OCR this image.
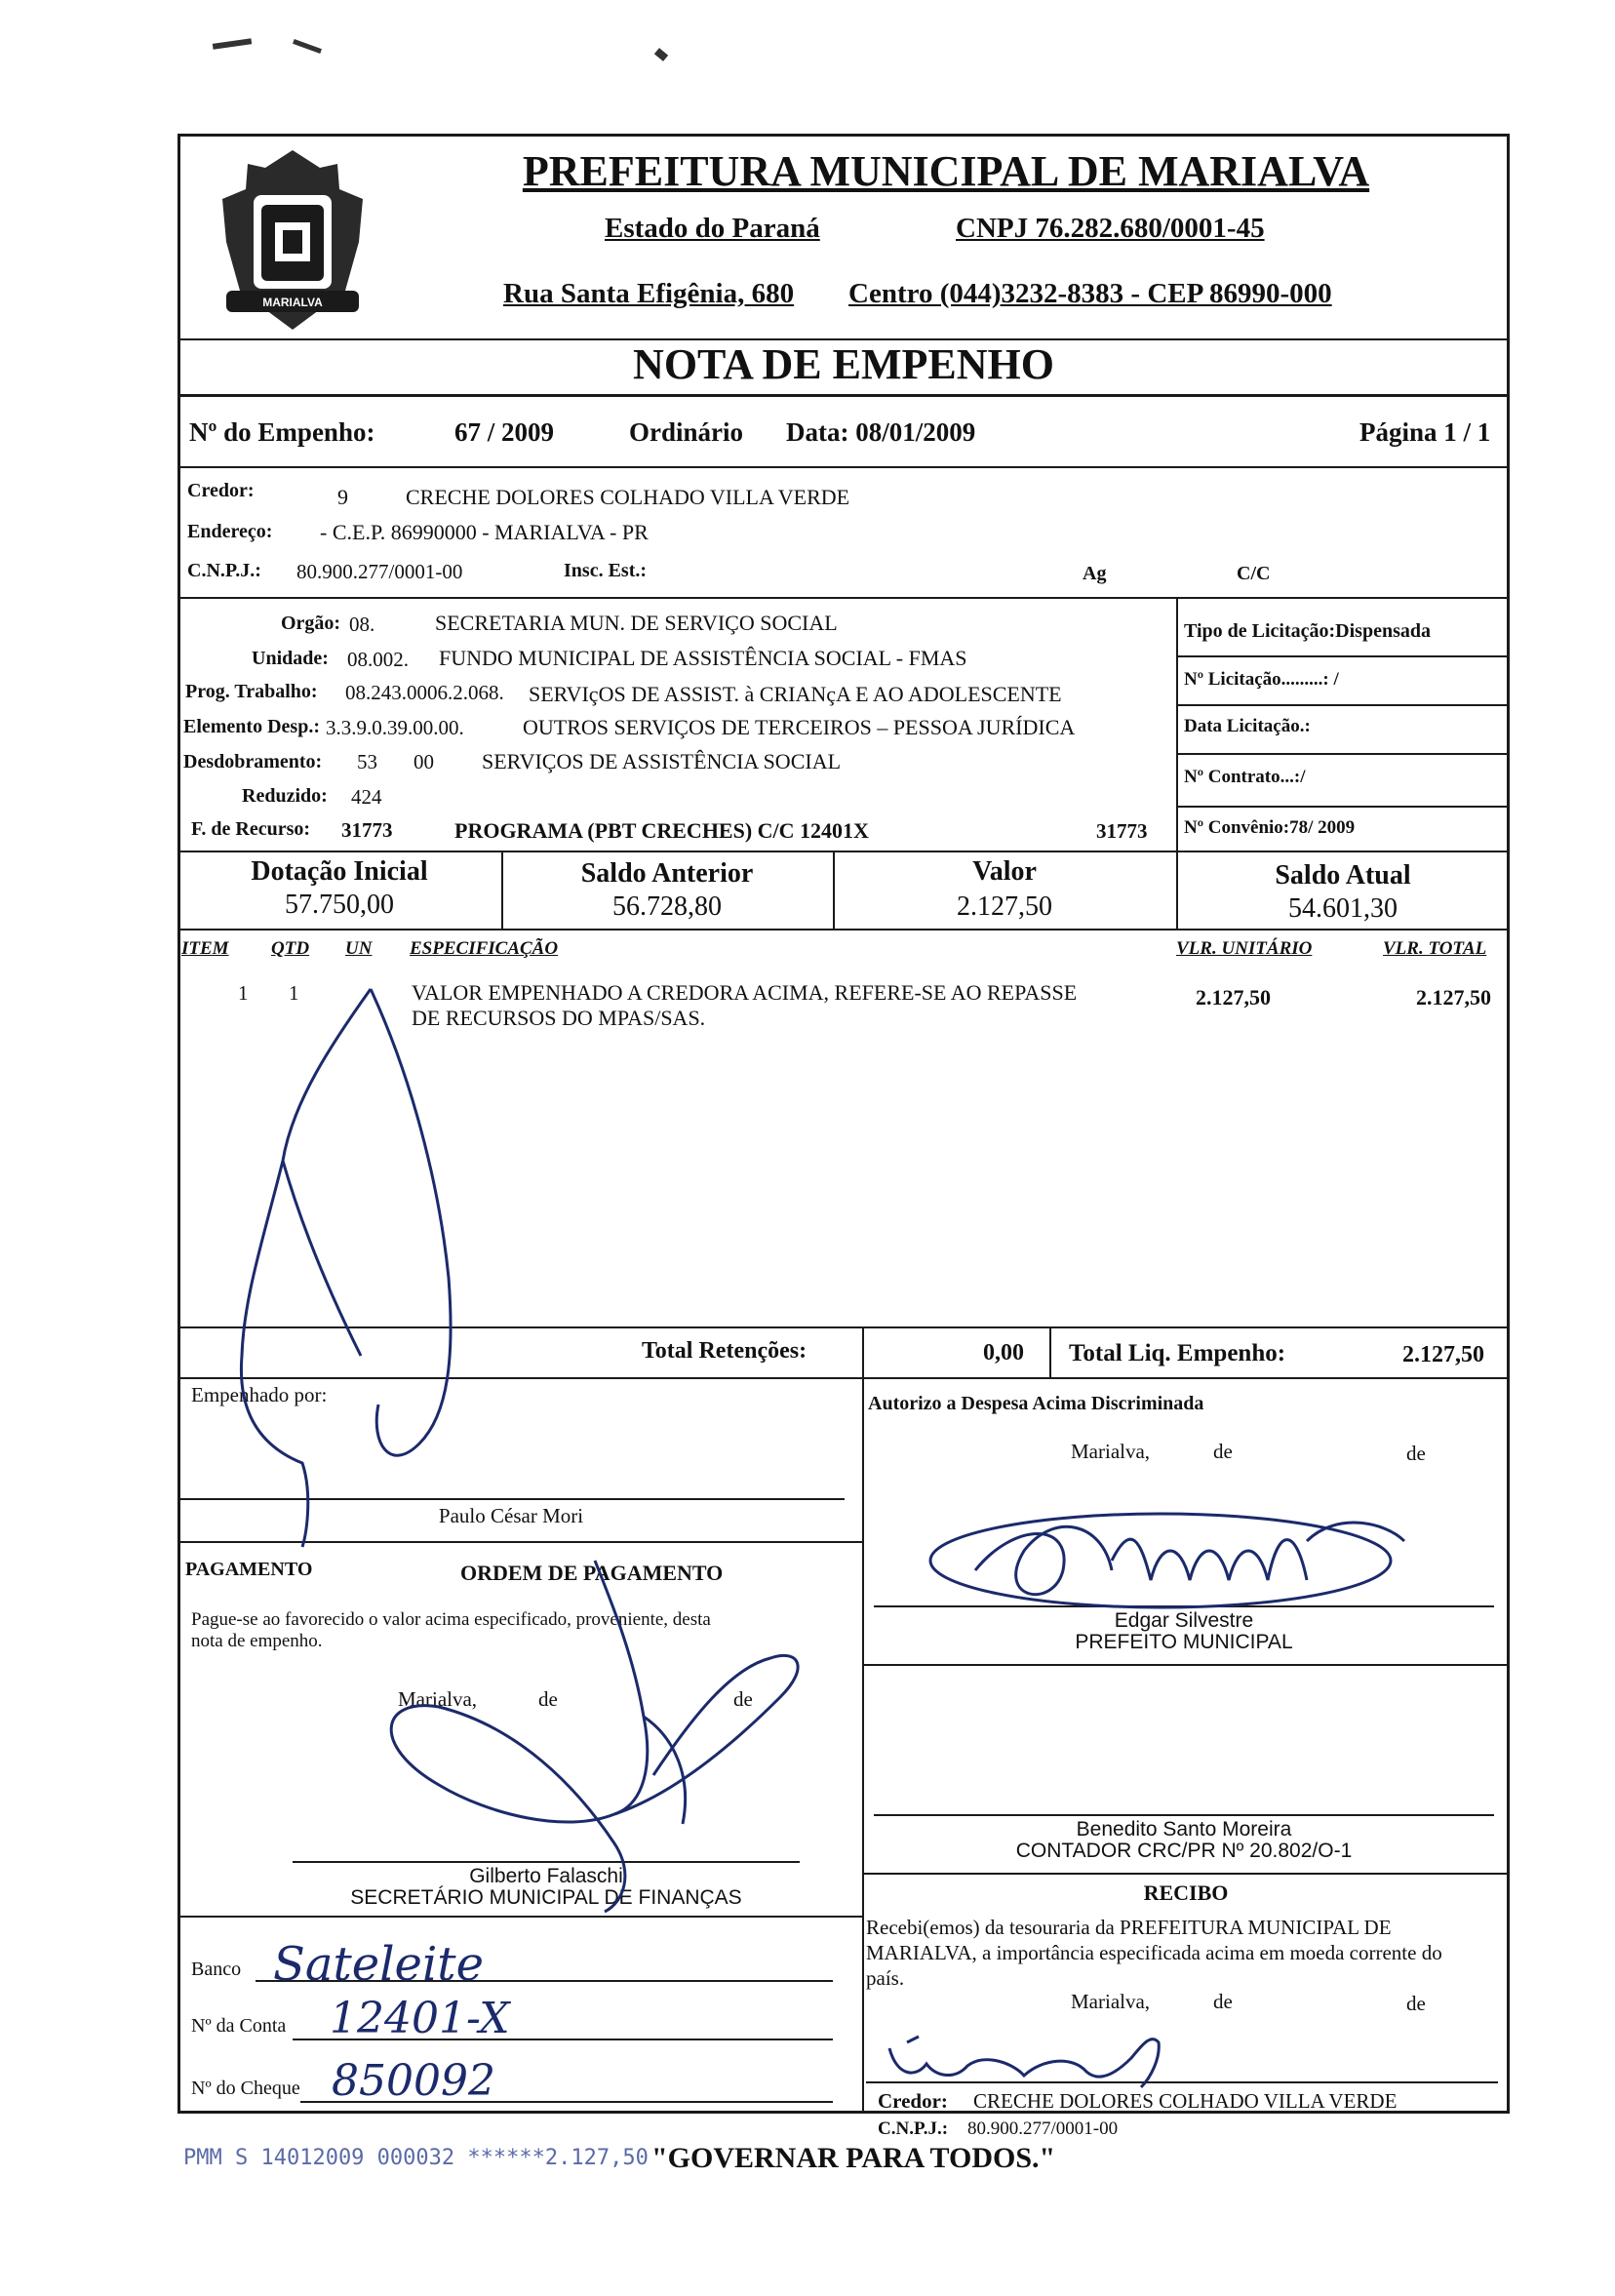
MARIALVA
PREFEITURA MUNICIPAL DE MARIALVA
Estado do Paraná	CNPJ 76.282.680/0001-45
Rua Santa Efigênia, 680 Centro (044)3232-8383 - CEP 86990-000
NOTA DE EMPENHO
Nº do Empenho:	67 / 2009	Ordinário Data: 08/01/2009	Página 1 / 1
Credor:	9	CRECHE DOLORES COLHADO VILLA VERDE
Endereço: - C.E.P. 86990000 - MARIALVA - PR
C.N.P.J.: 80.900.277/0001-00	Insc. Est.:	Ag	C/C
Orgão: 08.	SECRETARIA MUN. DE SERVIÇO SOCIAL
Unidade: 08.002. FUNDO MUNICIPAL DE ASSISTÊNCIA SOCIAL - FMAS
Prog. Trabalho: 08.243.0006.2.068. SERVIçOS DE ASSIST. à CRIANçA E AO ADOLESCENTE
Elemento Desp.: 3.3.9.0.39.00.00.	OUTROS SERVIÇOS DE TERCEIROS – PESSOA JURÍDICA
Desdobramento: 53 00 SERVIÇOS DE ASSISTÊNCIA SOCIAL
Reduzido: 424
F. de Recurso: 31773	PROGRAMA (PBT CRECHES) C/C 12401X	31773
Tipo de Licitação:Dispensada
Nº Licitação.........: /
Data Licitação.:
Nº Contrato...:/
Nº Convênio:78/ 2009
Dotação Inicial
57.750,00
Saldo Anterior
56.728,80
Valor
2.127,50
Saldo Atual
54.601,30
ITEM QTD UN ESPECIFICAÇÃO	VLR. UNITÁRIO	VLR. TOTAL
1 1	VALOR EMPENHADO A CREDORA ACIMA, REFERE-SE AO REPASSE
DE RECURSOS DO MPAS/SAS.
2.127,50	2.127,50
Total Retenções:	0,00 Total Liq. Empenho:	2.127,50
Empenhado por:
Paulo César Mori
Autorizo a Despesa Acima Discriminada
Marialva,	de	de
Edgar Silvestre
PREFEITO MUNICIPAL
PAGAMENTO	ORDEM DE PAGAMENTO
Pague-se ao favorecido o valor acima especificado, proveniente, desta
nota de empenho.
Marialva,	de	de
Gilberto Falaschi
SECRETÁRIO MUNICIPAL DE FINANÇAS
Benedito Santo Moreira
CONTADOR CRC/PR Nº 20.802/O-1
RECIBO
Recebi(emos) da tesouraria da PREFEITURA MUNICIPAL DE
MARIALVA, a importância especificada acima em moeda corrente do
país.
Marialva,	de	de
Credor: CRECHE DOLORES COLHADO VILLA VERDE
C.N.P.J.: 80.900.277/0001-00
Banco Sateleite
Nº da Conta 12401-X
Nº do Cheque 850092
PMM S 14012009 000032 ******2.127,50 "GOVERNAR PARA TODOS."
